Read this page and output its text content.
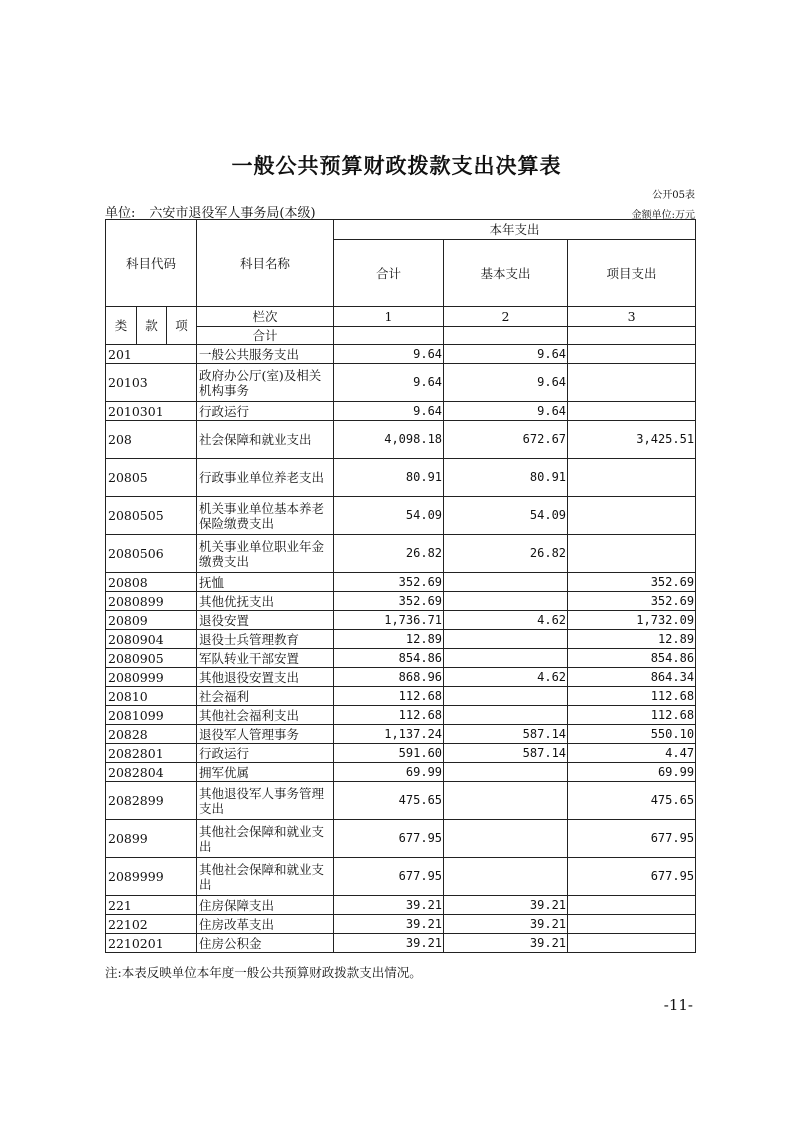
一般公共预算财政拨款支出决算表
公开05表
单位: 六安市退役军人事务局(本级)	金额单位:万元
科目代码			科目名称	本年支出		
				合计	基本支出	项目支出
类	款	项	栏次	1	2	3
			合计			
201			一般公共服务支出	9.64	9.64	
20103			政府办公厅(室)及相关机构事务	9.64	9.64	
2010301			行政运行	9.64	9.64	
208			社会保障和就业支出	4,098.18	672.67	3,425.51
20805			行政事业单位养老支出	80.91	80.91	
2080505			机关事业单位基本养老保险缴费支出	54.09	54.09	
2080506			机关事业单位职业年金缴费支出	26.82	26.82	
20808			抚恤	352.69		352.69
2080899			其他优抚支出	352.69		352.69
20809			退役安置	1,736.71	4.62	1,732.09
2080904			退役士兵管理教育	12.89		12.89
2080905			军队转业干部安置	854.86		854.86
2080999			其他退役安置支出	868.96	4.62	864.34
20810			社会福利	112.68		112.68
2081099			其他社会福利支出	112.68		112.68
20828			退役军人管理事务	1,137.24	587.14	550.10
2082801			行政运行	591.60	587.14	4.47
2082804			拥军优属	69.99		69.99
2082899			其他退役军人事务管理支出	475.65		475.65
20899			其他社会保障和就业支出	677.95		677.95
2089999			其他社会保障和就业支出	677.95		677.95
221			住房保障支出	39.21	39.21	
22102			住房改革支出	39.21	39.21	
2210201			住房公积金	39.21	39.21	
注:本表反映单位本年度一般公共预算财政拨款支出情况。
-11-
